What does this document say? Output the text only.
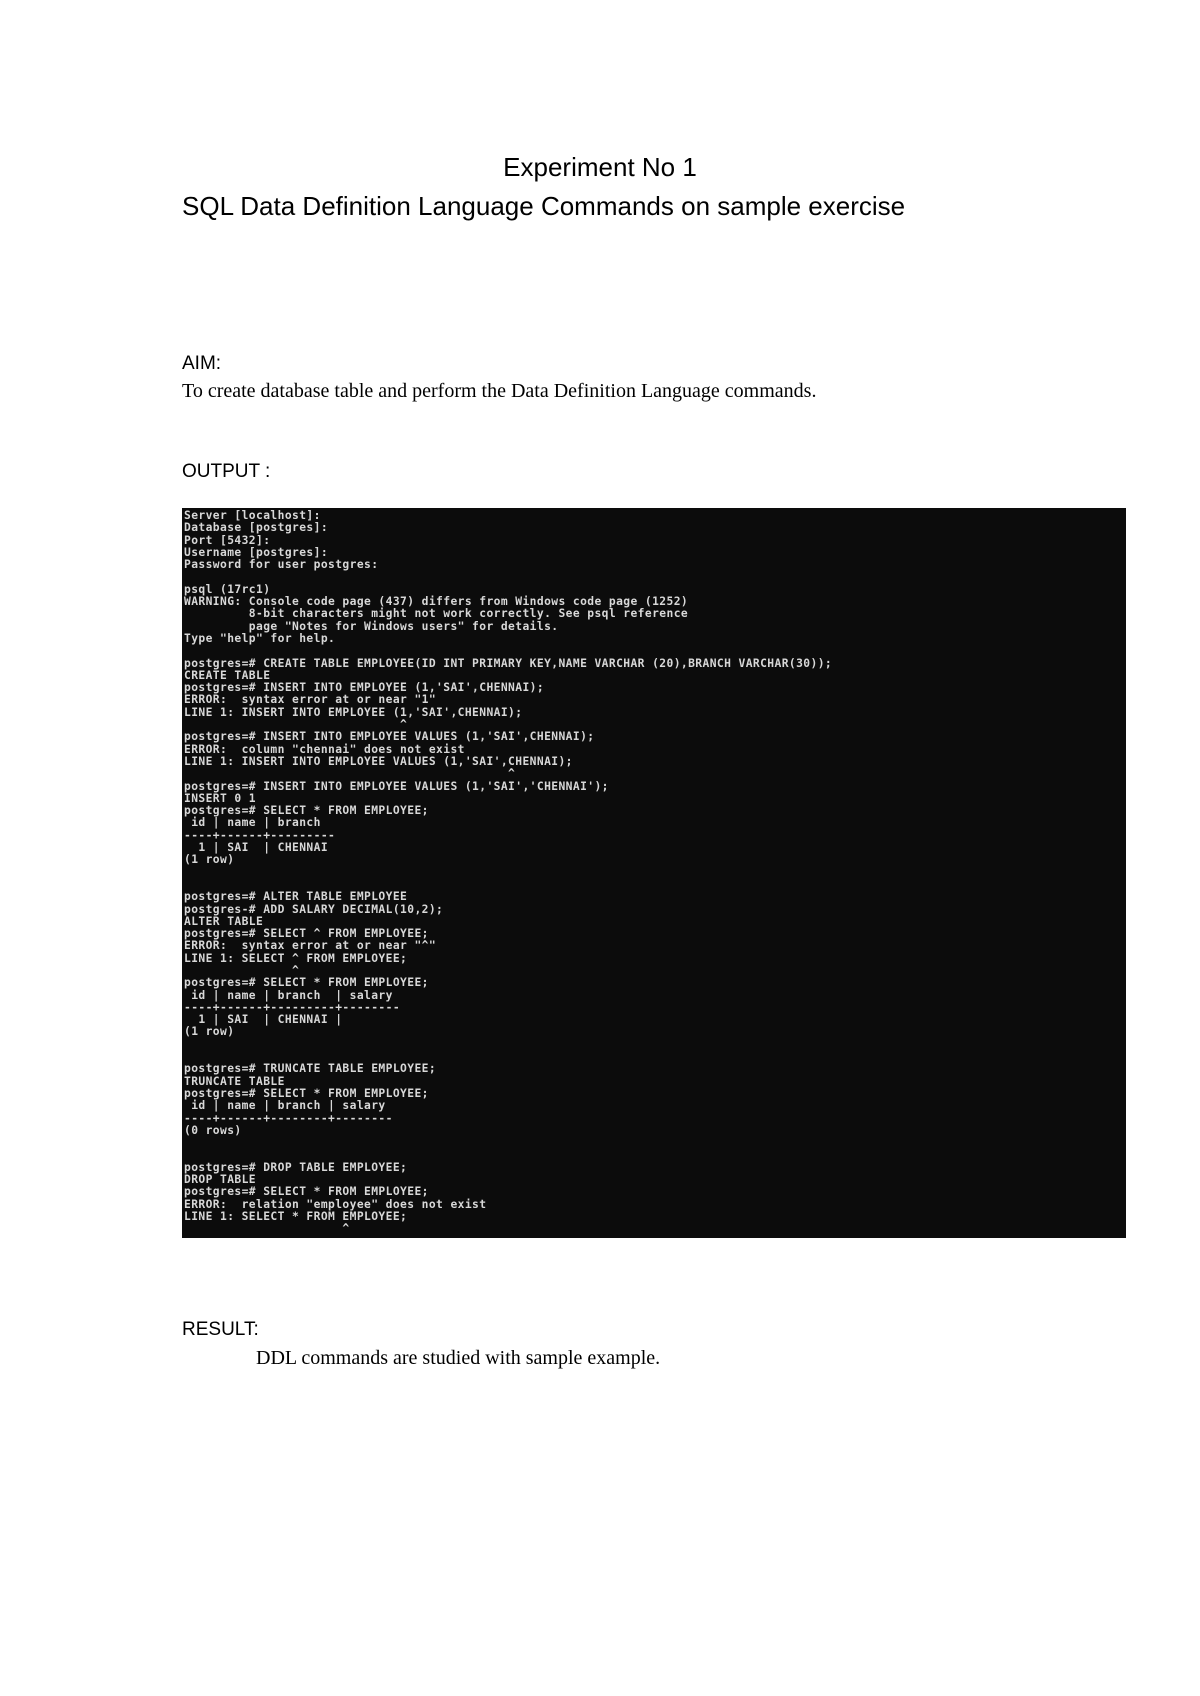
Experiment No 1
SQL Data Definition Language Commands on sample exercise
AIM:
To create database table and perform the Data Definition Language commands.
OUTPUT :
Server [localhost]:
Database [postgres]:
Port [5432]:
Username [postgres]:
Password for user postgres:
psql (17rc1)
WARNING: Console code page (437) differs from Windows code page (1252)
8-bit characters might not work correctly. See psql reference
page "Notes for Windows users" for details.
Type "help" for help.
postgres=# CREATE TABLE EMPLOYEE(ID INT PRIMARY KEY,NAME VARCHAR (20),BRANCH VARCHAR(30));
CREATE TABLE
postgres=# INSERT INTO EMPLOYEE (1,'SAI',CHENNAI);
ERROR:  syntax error at or near "1"
LINE 1: INSERT INTO EMPLOYEE (1,'SAI',CHENNAI);
^
postgres=# INSERT INTO EMPLOYEE VALUES (1,'SAI',CHENNAI);
ERROR:  column "chennai" does not exist
LINE 1: INSERT INTO EMPLOYEE VALUES (1,'SAI',CHENNAI);
^
postgres=# INSERT INTO EMPLOYEE VALUES (1,'SAI','CHENNAI');
INSERT 0 1
postgres=# SELECT * FROM EMPLOYEE;
id | name | branch
----+------+---------
1 | SAI  | CHENNAI
(1 row)
postgres=# ALTER TABLE EMPLOYEE
postgres-# ADD SALARY DECIMAL(10,2);
ALTER TABLE
postgres=# SELECT ^ FROM EMPLOYEE;
ERROR:  syntax error at or near "^"
LINE 1: SELECT ^ FROM EMPLOYEE;
^
postgres=# SELECT * FROM EMPLOYEE;
id | name | branch  | salary
----+------+---------+--------
1 | SAI  | CHENNAI |
(1 row)
postgres=# TRUNCATE TABLE EMPLOYEE;
TRUNCATE TABLE
postgres=# SELECT * FROM EMPLOYEE;
id | name | branch | salary
----+------+--------+--------
(0 rows)
postgres=# DROP TABLE EMPLOYEE;
DROP TABLE
postgres=# SELECT * FROM EMPLOYEE;
ERROR:  relation "employee" does not exist
LINE 1: SELECT * FROM EMPLOYEE;
^
RESULT:
DDL commands are studied with sample example.
